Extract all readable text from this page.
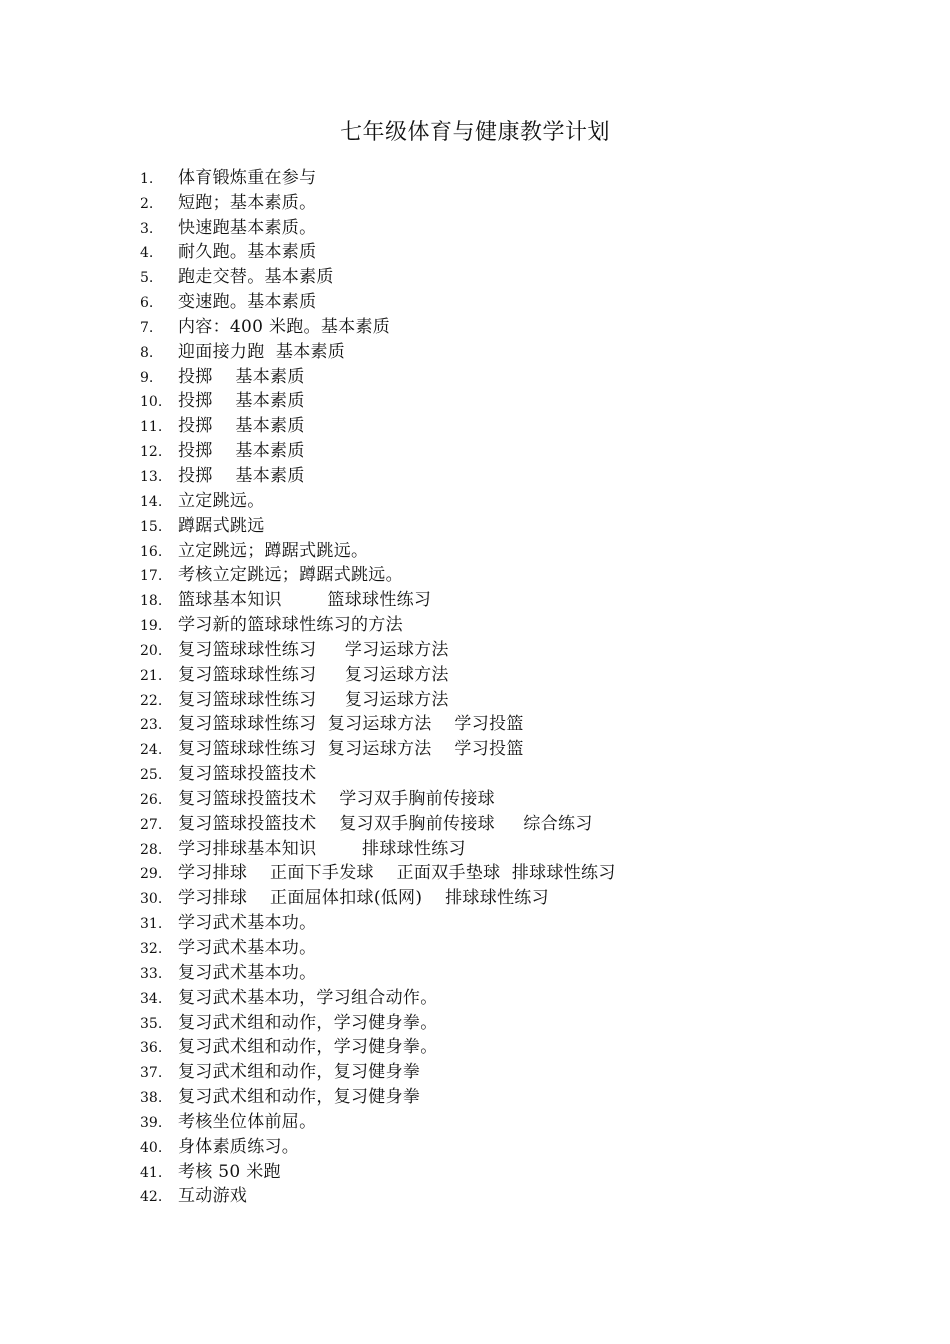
七年级体育与健康教学计划
1.	体育锻炼重在参与
2.	短跑；基本素质。
3.	快速跑基本素质。
4.	耐久跑。基本素质
5.	跑走交替。基本素质
6.	变速跑。基本素质
7.	内容：400 米跑。基本素质
8.	迎面接力跑  基本素质
9.	投掷    基本素质
10. 投掷    基本素质
11. 投掷    基本素质
12. 投掷    基本素质
13. 投掷    基本素质
14. 立定跳远。
15. 蹲踞式跳远
16. 立定跳远；蹲踞式跳远。
17. 考核立定跳远；蹲踞式跳远。
18. 篮球基本知识        篮球球性练习
19. 学习新的篮球球性练习的方法
20. 复习篮球球性练习     学习运球方法
21. 复习篮球球性练习     复习运球方法
22. 复习篮球球性练习     复习运球方法
23. 复习篮球球性练习  复习运球方法    学习投篮
24. 复习篮球球性练习  复习运球方法    学习投篮
25. 复习篮球投篮技术
26. 复习篮球投篮技术    学习双手胸前传接球
27. 复习篮球投篮技术    复习双手胸前传接球     综合练习
28. 学习排球基本知识        排球球性练习
29. 学习排球    正面下手发球    正面双手垫球  排球球性练习
30. 学习排球    正面屈体扣球(低网)    排球球性练习
31. 学习武术基本功。
32. 学习武术基本功。
33. 复习武术基本功。
34. 复习武术基本功，学习组合动作。
35. 复习武术组和动作，学习健身拳。
36. 复习武术组和动作，学习健身拳。
37. 复习武术组和动作，复习健身拳
38. 复习武术组和动作，复习健身拳
39. 考核坐位体前屈。
40. 身体素质练习。
41. 考核 50 米跑
42. 互动游戏
